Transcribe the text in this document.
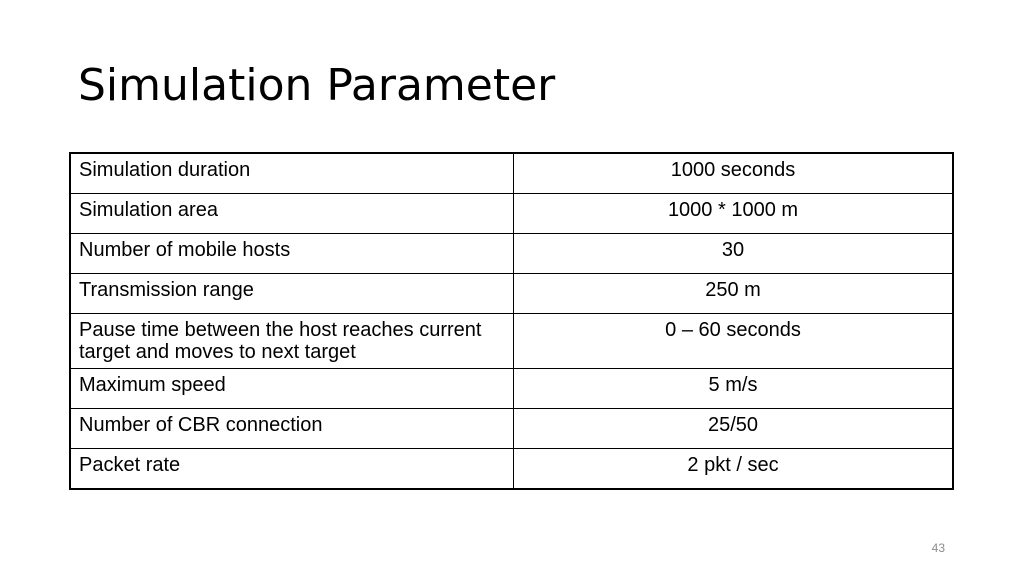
Simulation Parameter
Simulation duration	1000 seconds
Simulation area	1000 * 1000 m
Number of mobile hosts	30
Transmission range	250 m
Pause time between the host reaches current target and moves to next target	0 – 60 seconds
Maximum speed	5 m/s
Number of CBR connection	25/50
Packet rate	2 pkt / sec
43
